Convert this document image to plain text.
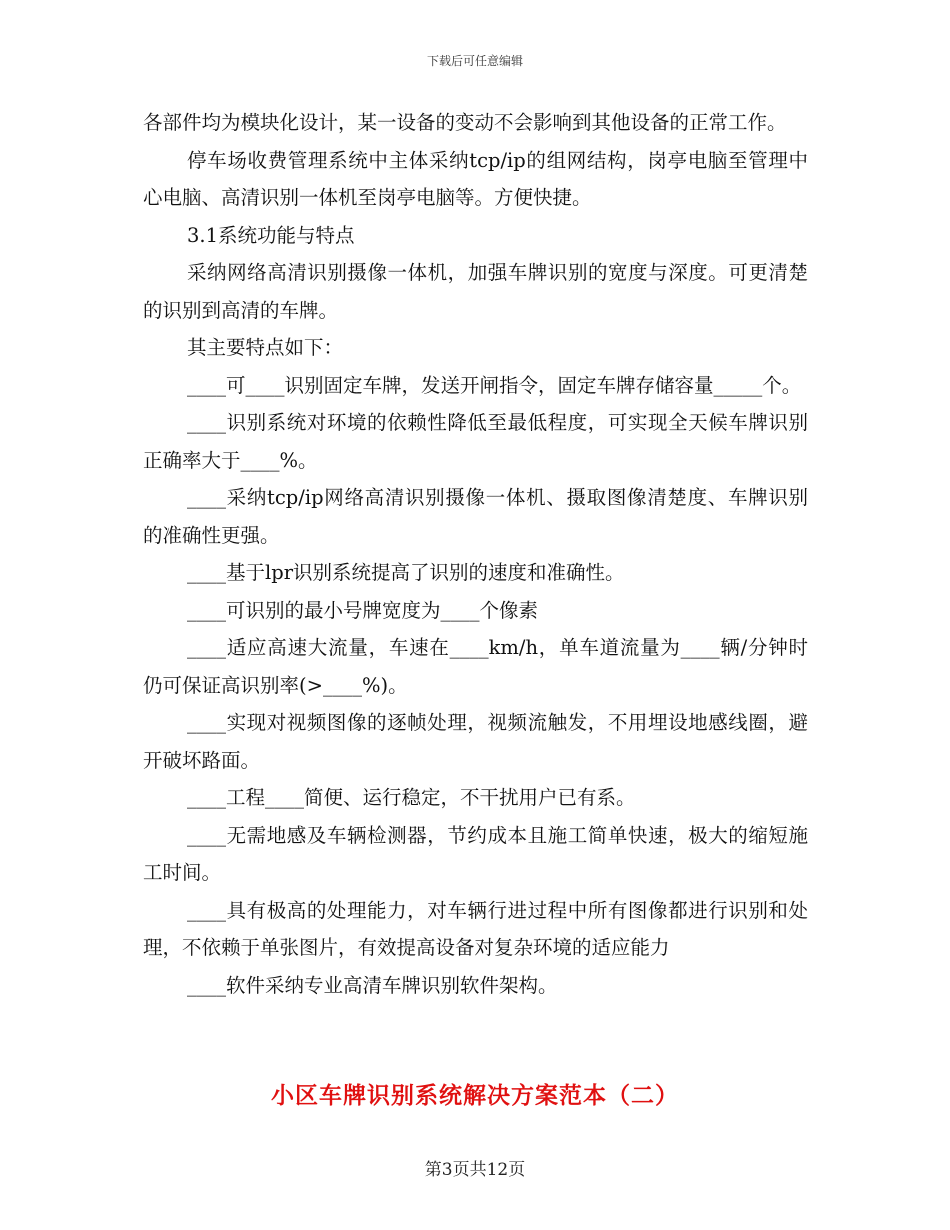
下载后可任意编辑

各部件均为模块化设计，某一设备的变动不会影响到其他设备的正常工作。

停车场收费管理系统中主体采纳tcp/ip的组网结构，岗亭电脑至管理中心电脑、高清识别一体机至岗亭电脑等。方便快捷。

3.1系统功能与特点

采纳网络高清识别摄像一体机，加强车牌识别的宽度与深度。可更清楚的识别到高清的车牌。

其主要特点如下：

____可____识别固定车牌，发送开闸指令，固定车牌存储容量_____个。

____识别系统对环境的依赖性降低至最低程度，可实现全天候车牌识别正确率大于____%。

____采纳tcp/ip网络高清识别摄像一体机、摄取图像清楚度、车牌识别的准确性更强。

____基于lpr识别系统提高了识别的速度和准确性。

____可识别的最小号牌宽度为____个像素

____适应高速大流量，车速在____km/h，单车道流量为____辆/分钟时仍可保证高识别率(>____%)。

____实现对视频图像的逐帧处理，视频流触发，不用埋设地感线圈，避开破坏路面。

____工程____简便、运行稳定，不干扰用户已有系。

____无需地感及车辆检测器，节约成本且施工简单快速，极大的缩短施工时间。

____具有极高的处理能力，对车辆行进过程中所有图像都进行识别和处理，不依赖于单张图片，有效提高设备对复杂环境的适应能力

____软件采纳专业高清车牌识别软件架构。

小区车牌识别系统解决方案范本（二）
第3页共12页
